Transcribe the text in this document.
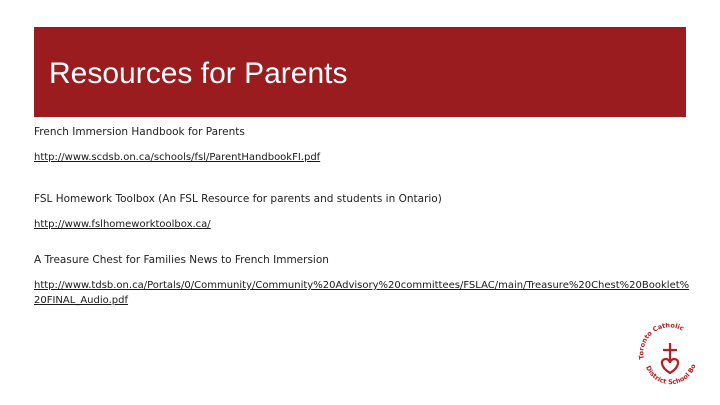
Resources for Parents

French Immersion Handbook for Parents

http://www.scdsb.on.ca/schools/fsl/ParentHandbookFI.pdf

FSL Homework Toolbox (An FSL Resource for parents and students in Ontario)

http://www.fslhomeworktoolbox.ca/

A Treasure Chest for Families News to French Immersion

http://www.tdsb.on.ca/Portals/0/Community/Community%20Advisory%20committees/FSLAC/main/Treasure%20Chest%20Booklet%20FINAL_Audio.pdf
Toronto Catholic
District School Bo
